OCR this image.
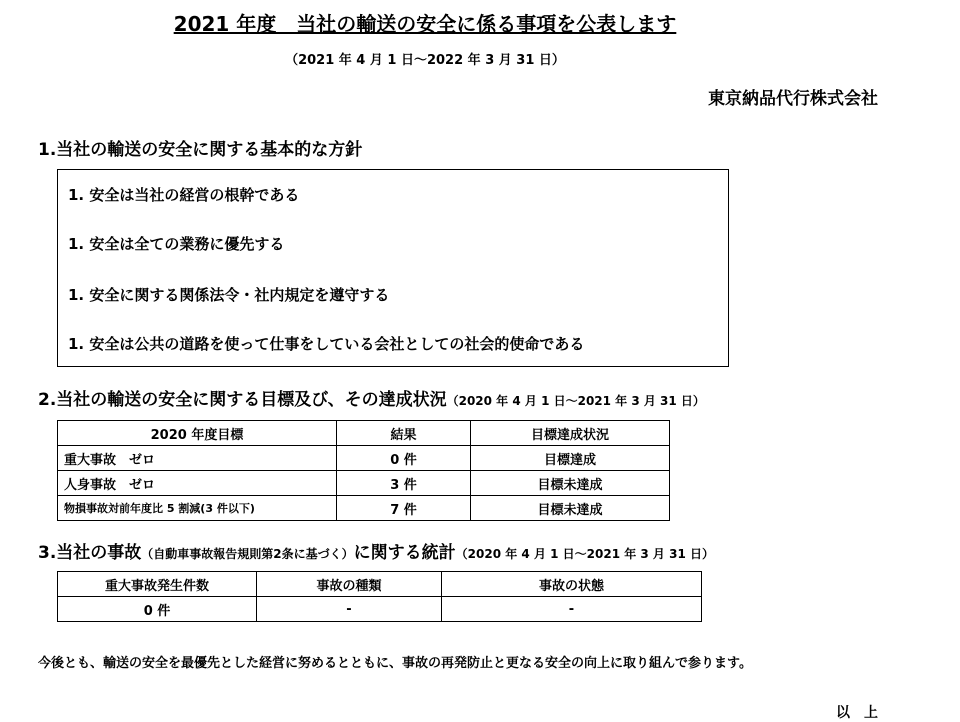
2021 年度　当社の輸送の安全に係る事項を公表します
（2021 年 4 月 1 日～2022 年 3 月 31 日）
東京納品代行株式会社
1.当社の輸送の安全に関する基本的な方針
1. 安全は当社の経営の根幹である
1. 安全は全ての業務に優先する
1. 安全に関する関係法令・社内規定を遵守する
1. 安全は公共の道路を使って仕事をしている会社としての社会的使命である
2.当社の輸送の安全に関する目標及び、その達成状況（2020 年 4 月 1 日～2021 年 3 月 31 日）
2020 年度目標	結果	目標達成状況
重大事故　ゼロ	0 件	目標達成
人身事故　ゼロ	3 件	目標未達成
物損事故対前年度比 5 割減(3 件以下)	7 件	目標未達成
3.当社の事故（自動車事故報告規則第2条に基づく）に関する統計（2020 年 4 月 1 日～2021 年 3 月 31 日）
重大事故発生件数	事故の種類	事故の状態
0 件	-	-
今後とも、輸送の安全を最優先とした経営に努めるとともに、事故の再発防止と更なる安全の向上に取り組んで参ります。
以　上
